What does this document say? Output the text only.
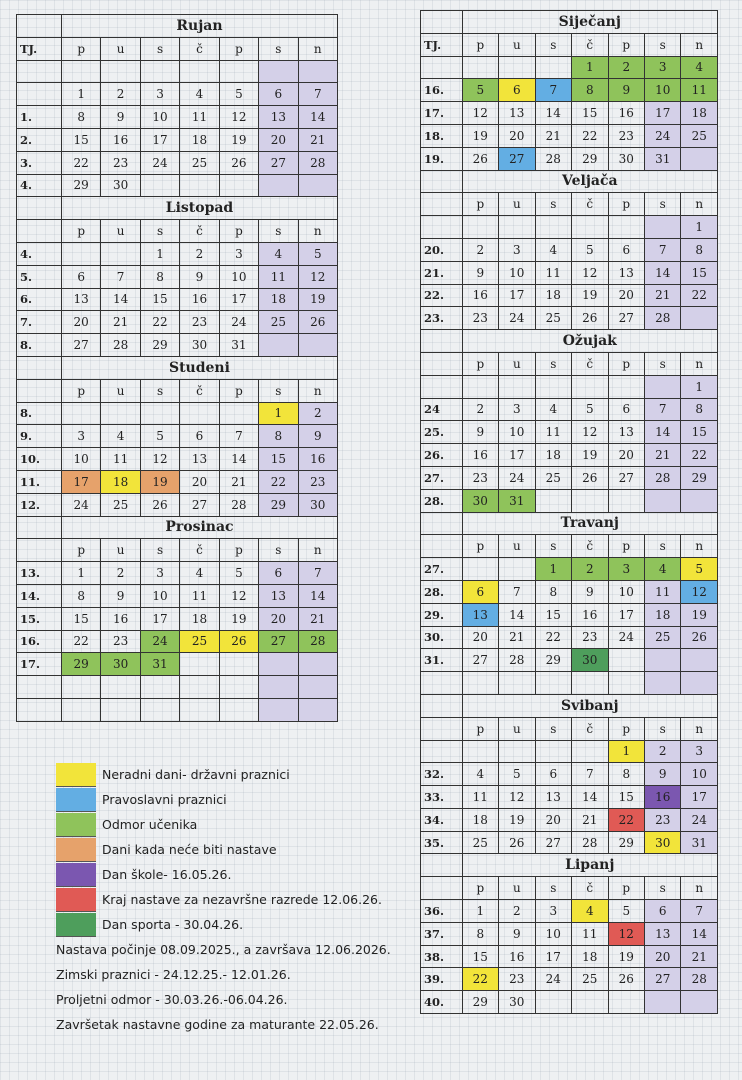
	Rujan						
TJ.	p	u	s	č	p	s	n

	1	2	3	4	5	6	7
1.	8	9	10	11	12	13	14
2.	15	16	17	18	19	20	21
3.	22	23	24	25	26	27	28
4.	29	30					
	Listopad						
	p	u	s	č	p	s	n
4.			1	2	3	4	5
5.	6	7	8	9	10	11	12
6.	13	14	15	16	17	18	19
7.	20	21	22	23	24	25	26
8.	27	28	29	30	31		
	Studeni						
	p	u	s	č	p	s	n
8.						1	2
9.	3	4	5	6	7	8	9
10.	10	11	12	13	14	15	16
11.	17	18	19	20	21	22	23
12.	24	25	26	27	28	29	30
	Prosinac						
	p	u	s	č	p	s	n
13.	1	2	3	4	5	6	7
14.	8	9	10	11	12	13	14
15.	15	16	17	18	19	20	21
16.	22	23	24	25	26	27	28
17.	29	30	31				

	Siječanj						
TJ.	p	u	s	č	p	s	n
				1	2	3	4
16.	5	6	7	8	9	10	11
17.	12	13	14	15	16	17	18
18.	19	20	21	22	23	24	25
19.	26	27	28	29	30	31	
	Veljača						
	p	u	s	č	p	s	n
							1
20.	2	3	4	5	6	7	8
21.	9	10	11	12	13	14	15
22.	16	17	18	19	20	21	22
23.	23	24	25	26	27	28	
	Ožujak						
	p	u	s	č	p	s	n
							1
24	2	3	4	5	6	7	8
25.	9	10	11	12	13	14	15
26.	16	17	18	19	20	21	22
27.	23	24	25	26	27	28	29
28.	30	31					
	Travanj						
	p	u	s	č	p	s	n
27.			1	2	3	4	5
28.	6	7	8	9	10	11	12
29.	13	14	15	16	17	18	19
30.	20	21	22	23	24	25	26
31.	27	28	29	30			

	Svibanj						
	p	u	s	č	p	s	n
					1	2	3
32.	4	5	6	7	8	9	10
33.	11	12	13	14	15	16	17
34.	18	19	20	21	22	23	24
35.	25	26	27	28	29	30	31
	Lipanj						
	p	u	s	č	p	s	n
36.	1	2	3	4	5	6	7
37.	8	9	10	11	12	13	14
38.	15	16	17	18	19	20	21
39.	22	23	24	25	26	27	28
40.	29	30					
Neradni dani- državni praznici
Pravoslavni praznici
Odmor učenika
Dani kada neće biti nastave
Dan škole- 16.05.26.
Kraj nastave za nezavršne razrede 12.06.26.
Dan sporta - 30.04.26.
Nastava počinje 08.09.2025., a završava 12.06.2026.
Zimski praznici - 24.12.25.- 12.01.26.
Proljetni odmor - 30.03.26.-06.04.26.
Završetak nastavne godine za maturante 22.05.26.
